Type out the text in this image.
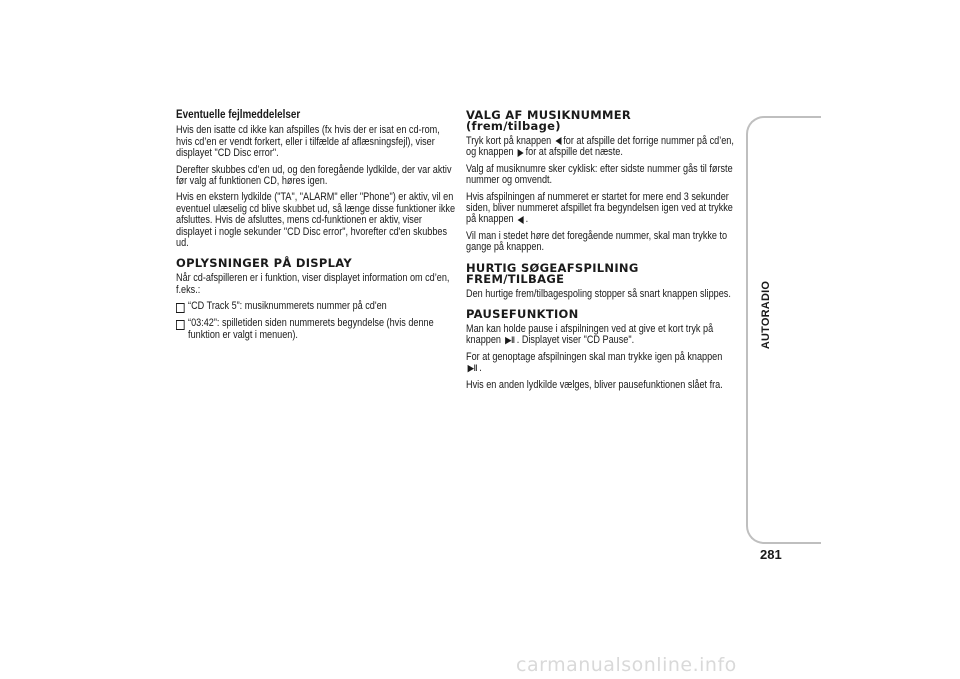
Eventuelle fejlmeddelelser
Hvis den isatte cd ikke kan afspilles (fx hvis der er isat en cd-rom, hvis cd’en er vendt forkert, eller i tilfælde af aflæsningsfejl), viser displayet "CD Disc error".
Derefter skubbes cd’en ud, og den foregående lydkilde, der var aktiv før valg af funktionen CD, høres igen.
Hvis en ekstern lydkilde ("TA", "ALARM" eller "Phone") er aktiv, vil en eventuel ulæselig cd blive skubbet ud, så længe disse funktioner ikke afsluttes. Hvis de afsluttes, mens cd-funktionen er aktiv, viser displayet i nogle sekunder "CD Disc error", hvorefter cd'en skubbes ud.
OPLYSNINGER PÅ DISPLAY
Når cd-afspilleren er i funktion, viser displayet information om cd’en, f.eks.:
“CD Track 5”: musiknummerets nummer på cd'en
“03:42”: spilletiden siden nummerets begyndelse (hvis denne funktion er valgt i menuen).
VALG AF MUSIKNUMMER
(frem/tilbage)
Tryk kort på knappen for at afspille det forrige nummer på cd’en, og knappen for at afspille det næste.
Valg af musiknumre sker cyklisk: efter sidste nummer gås til første nummer og omvendt.
Hvis afspilningen af nummeret er startet for mere end 3 sekunder siden, bliver nummeret afspillet fra begyndelsen igen ved at trykke på knappen .
Vil man i stedet høre det foregående nummer, skal man trykke to gange på knappen.
HURTIG SØGEAFSPILNING
FREM/TILBAGE
Den hurtige frem/tilbagespoling stopper så snart knappen slippes.
PAUSEFUNKTION
Man kan holde pause i afspilningen ved at give et kort tryk på knappen ▶‖ . Displayet viser "CD Pause".
For at genoptage afspilningen skal man trykke igen på knappen
▶‖ .
Hvis en anden lydkilde vælges, bliver pausefunktionen slået fra.
AUTORADIO
281
carmanualsonline.info
